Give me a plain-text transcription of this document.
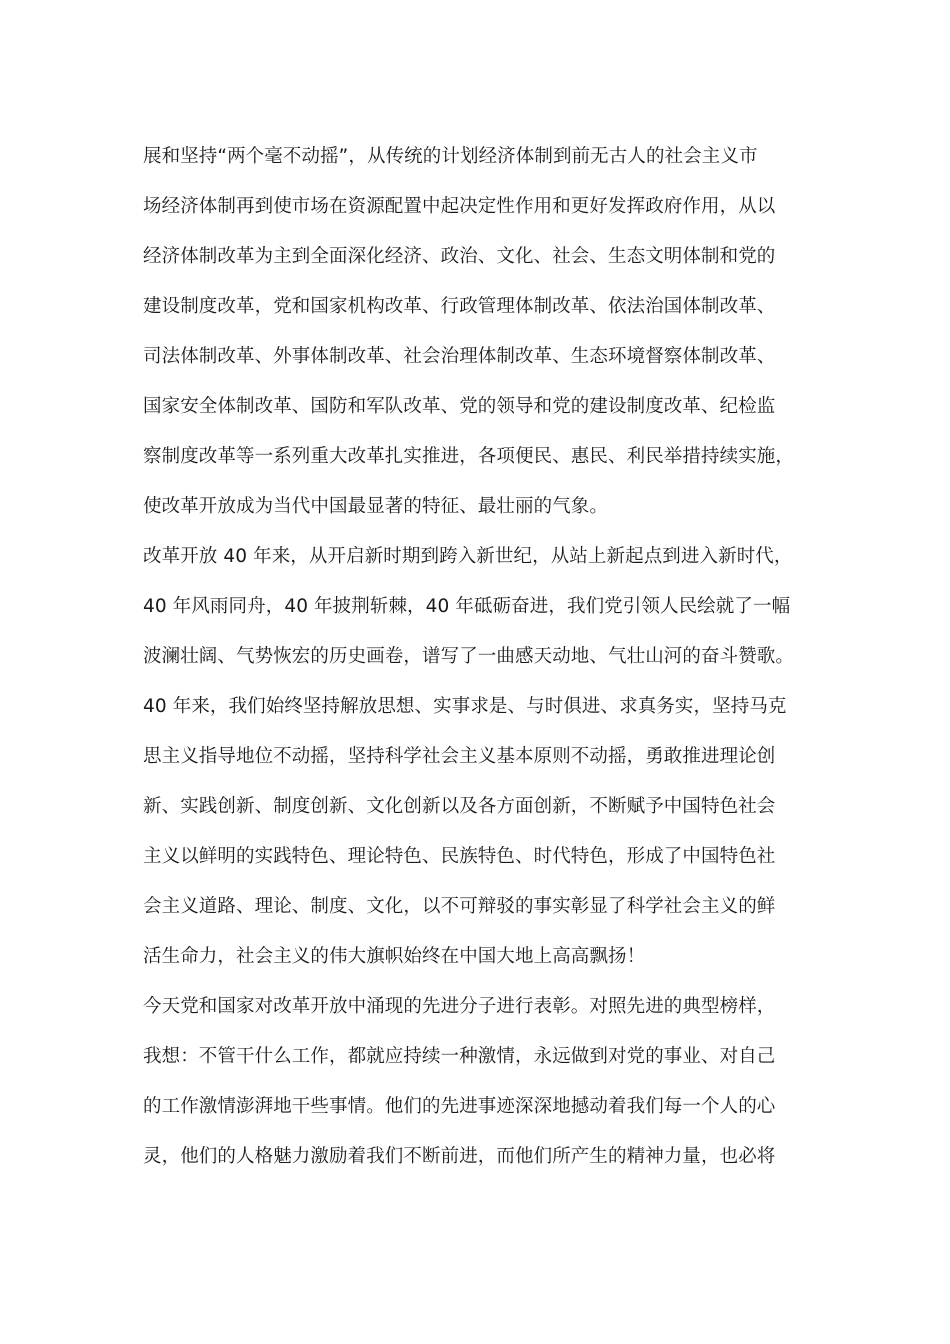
展和坚持“两个毫不动摇”，从传统的计划经济体制到前无古人的社会主义市
场经济体制再到使市场在资源配置中起决定性作用和更好发挥政府作用，从以
经济体制改革为主到全面深化经济、政治、文化、社会、生态文明体制和党的
建设制度改革，党和国家机构改革、行政管理体制改革、依法治国体制改革、
司法体制改革、外事体制改革、社会治理体制改革、生态环境督察体制改革、
国家安全体制改革、国防和军队改革、党的领导和党的建设制度改革、纪检监
察制度改革等一系列重大改革扎实推进，各项便民、惠民、利民举措持续实施，
使改革开放成为当代中国最显著的特征、最壮丽的气象。
改革开放 40 年来，从开启新时期到跨入新世纪，从站上新起点到进入新时代，
40 年风雨同舟，40 年披荆斩棘，40 年砥砺奋进，我们党引领人民绘就了一幅
波澜壮阔、气势恢宏的历史画卷，谱写了一曲感天动地、气壮山河的奋斗赞歌。
40 年来，我们始终坚持解放思想、实事求是、与时俱进、求真务实，坚持马克
思主义指导地位不动摇，坚持科学社会主义基本原则不动摇，勇敢推进理论创
新、实践创新、制度创新、文化创新以及各方面创新，不断赋予中国特色社会
主义以鲜明的实践特色、理论特色、民族特色、时代特色，形成了中国特色社
会主义道路、理论、制度、文化，以不可辩驳的事实彰显了科学社会主义的鲜
活生命力，社会主义的伟大旗帜始终在中国大地上高高飘扬！
今天党和国家对改革开放中涌现的先进分子进行表彰。对照先进的典型榜样，
我想：不管干什么工作，都就应持续一种激情，永远做到对党的事业、对自己
的工作激情澎湃地干些事情。他们的先进事迹深深地撼动着我们每一个人的心
灵，他们的人格魅力激励着我们不断前进，而他们所产生的精神力量，也必将
